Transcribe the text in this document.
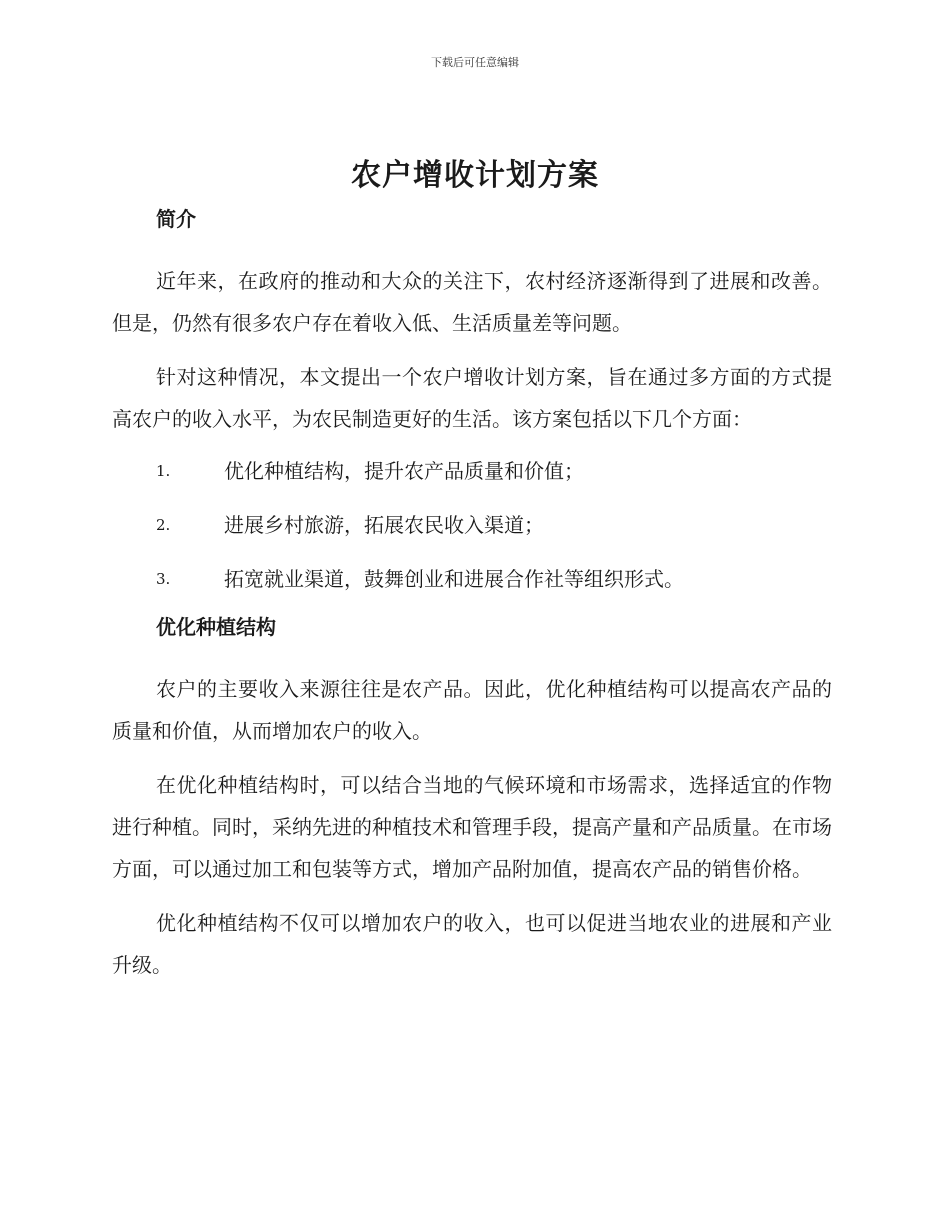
下载后可任意编辑
农户增收计划方案
简介

近年来，在政府的推动和大众的关注下，农村经济逐渐得到了进展和改善。但是，仍然有很多农户存在着收入低、生活质量差等问题。

针对这种情况，本文提出一个农户增收计划方案，旨在通过多方面的方式提高农户的收入水平，为农民制造更好的生活。该方案包括以下几个方面：

1.	优化种植结构，提升农产品质量和价值；
2.	进展乡村旅游，拓展农民收入渠道；
3.	拓宽就业渠道，鼓舞创业和进展合作社等组织形式。
优化种植结构

农户的主要收入来源往往是农产品。因此，优化种植结构可以提高农产品的质量和价值，从而增加农户的收入。

在优化种植结构时，可以结合当地的气候环境和市场需求，选择适宜的作物进行种植。同时，采纳先进的种植技术和管理手段，提高产量和产品质量。在市场方面，可以通过加工和包装等方式，增加产品附加值，提高农产品的销售价格。

优化种植结构不仅可以增加农户的收入，也可以促进当地农业的进展和产业升级。
